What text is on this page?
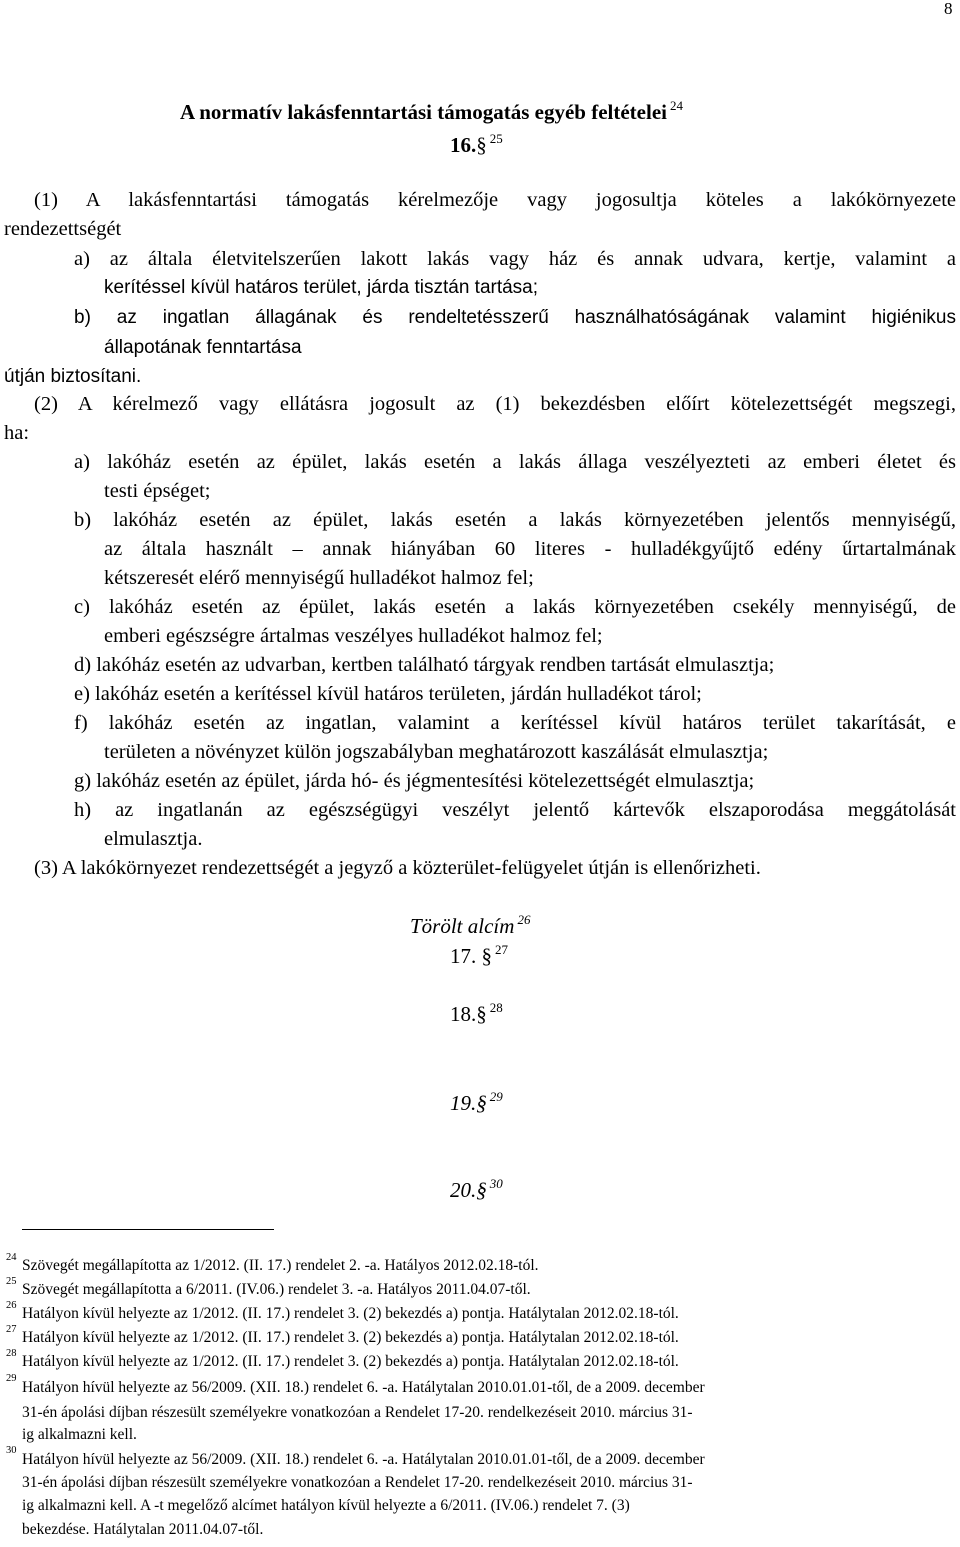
8
A normatív lakásfenntartási támogatás egyéb feltételei $^{24}$
16.§ $^{25}$
(1) A lakásfenntartási támogatás kérelmezője vagy jogosultja köteles a lakókörnyezete
rendezettségét
a) az általa életvitelszerűen lakott lakás vagy ház és annak udvara, kertje, valamint a
kerítéssel kívül határos terület, járda tisztán tartása;
b) az ingatlan állagának és rendeltetésszerű használhatóságának valamint higiénikus
állapotának fenntartása
útján biztosítani.
(2) A kérelmező vagy ellátásra jogosult az (1) bekezdésben előírt kötelezettségét megszegi,
ha:
a) lakóház esetén az épület, lakás esetén a lakás állaga veszélyezteti az emberi életet és
testi épséget;
b) lakóház esetén az épület, lakás esetén a lakás környezetében jelentős mennyiségű,
az általa használt – annak hiányában 60 literes - hulladékgyűjtő edény űrtartalmának
kétszeresét elérő mennyiségű hulladékot halmoz fel;
c) lakóház esetén az épület, lakás esetén a lakás környezetében csekély mennyiségű, de
emberi egészségre ártalmas veszélyes hulladékot halmoz fel;
d) lakóház esetén az udvarban, kertben található tárgyak rendben tartását elmulasztja;
e) lakóház esetén a kerítéssel kívül határos területen, járdán hulladékot tárol;
f) lakóház esetén az ingatlan, valamint a kerítéssel kívül határos terület takarítását, e
területen a növényzet külön jogszabályban meghatározott kaszálását elmulasztja;
g) lakóház esetén az épület, járda hó- és jégmentesítési kötelezettségét elmulasztja;
h) az ingatlanán az egészségügyi veszélyt jelentő kártevők elszaporodása meggátolását
elmulasztja.
(3) A lakókörnyezet rendezettségét a jegyző a közterület-felügyelet útján is ellenőrizheti.
Törölt alcím $^{26}$
17. § $^{27}$
18.§ $^{28}$
19.§ $^{29}$
20.§ $^{30}$
24 Szövegét megállapította az 1/2012. (II. 17.) rendelet 2. -a. Hatályos 2012.02.18-tól.
25 Szövegét megállapította a 6/2011. (IV.06.) rendelet 3. -a. Hatályos 2011.04.07-től.
26 Hatályon kívül helyezte az 1/2012. (II. 17.) rendelet 3. (2) bekezdés a) pontja. Hatálytalan 2012.02.18-tól.
27 Hatályon kívül helyezte az 1/2012. (II. 17.) rendelet 3. (2) bekezdés a) pontja. Hatálytalan 2012.02.18-tól.
28 Hatályon kívül helyezte az 1/2012. (II. 17.) rendelet 3. (2) bekezdés a) pontja. Hatálytalan 2012.02.18-tól.
29
Hatályon hívül helyezte az 56/2009. (XII. 18.) rendelet 6. -a. Hatálytalan 2010.01.01-től, de a 2009. december
31-én ápolási díjban részesült személyekre vonatkozóan a Rendelet 17-20. rendelkezéseit 2010. március 31-
ig alkalmazni kell.
30
Hatályon hívül helyezte az 56/2009. (XII. 18.) rendelet 6. -a. Hatálytalan 2010.01.01-től, de a 2009. december
31-én ápolási díjban részesült személyekre vonatkozóan a Rendelet 17-20. rendelkezéseit 2010. március 31-
ig alkalmazni kell. A -t megelőző alcímet hatályon kívül helyezte a 6/2011. (IV.06.) rendelet 7. (3)
bekezdése. Hatálytalan 2011.04.07-től.
